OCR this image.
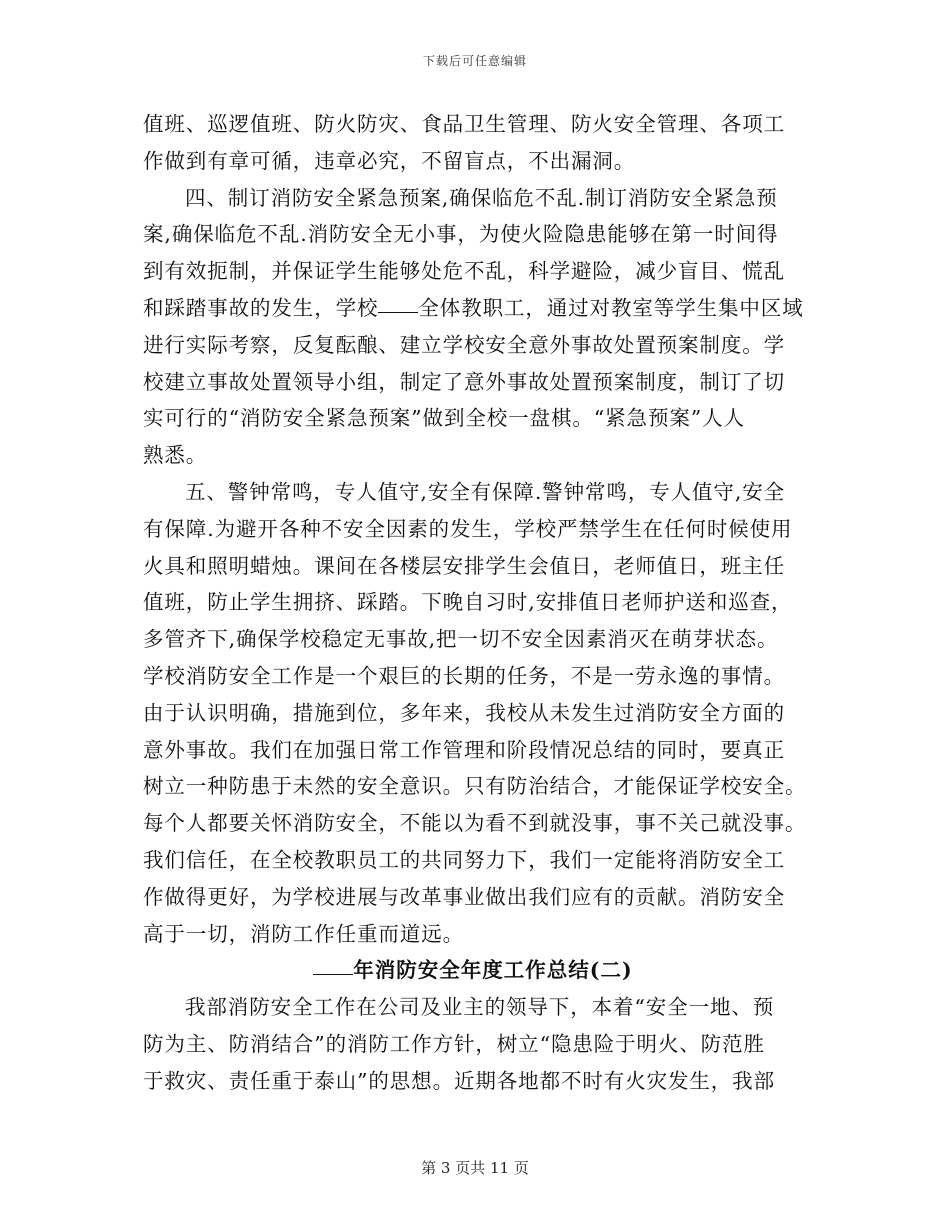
下载后可任意编辑
值班、巡逻值班、防火防灾、食品卫生管理、防火安全管理、各项工
作做到有章可循，违章必究，不留盲点，不出漏洞。
四、制订消防安全紧急预案,确保临危不乱.制订消防安全紧急预
案,确保临危不乱.消防安全无小事，为使火险隐患能够在第一时间得
到有效扼制，并保证学生能够处危不乱，科学避险，减少盲目、慌乱
和踩踏事故的发生，学校 全体教职工，通过对教室等学生集中区域
进行实际考察，反复酝酿、建立学校安全意外事故处置预案制度。学
校建立事故处置领导小组，制定了意外事故处置预案制度，制订了切
实可行的“消防安全紧急预案”做到全校一盘棋。“紧急预案”人人
熟悉。
五、警钟常鸣，专人值守,安全有保障.警钟常鸣，专人值守,安全
有保障.为避开各种不安全因素的发生，学校严禁学生在任何时候使用
火具和照明蜡烛。课间在各楼层安排学生会值日，老师值日，班主任
值班，防止学生拥挤、踩踏。下晚自习时,安排值日老师护送和巡查，
多管齐下,确保学校稳定无事故,把一切不安全因素消灭在萌芽状态。
学校消防安全工作是一个艰巨的长期的任务，不是一劳永逸的事情。
由于认识明确，措施到位，多年来，我校从未发生过消防安全方面的
意外事故。我们在加强日常工作管理和阶段情况总结的同时，要真正
树立一种防患于未然的安全意识。只有防治结合，才能保证学校安全。
每个人都要关怀消防安全，不能以为看不到就没事，事不关己就没事。
我们信任，在全校教职员工的共同努力下，我们一定能将消防安全工
作做得更好，为学校进展与改革事业做出我们应有的贡献。消防安全
高于一切，消防工作任重而道远。
年消防安全年度工作总结(二)
我部消防安全工作在公司及业主的领导下，本着“安全一地、预
防为主、防消结合”的消防工作方针，树立“隐患险于明火、防范胜
于救灾、责任重于泰山”的思想。近期各地都不时有火灾发生，我部
第 3 页共 11 页
